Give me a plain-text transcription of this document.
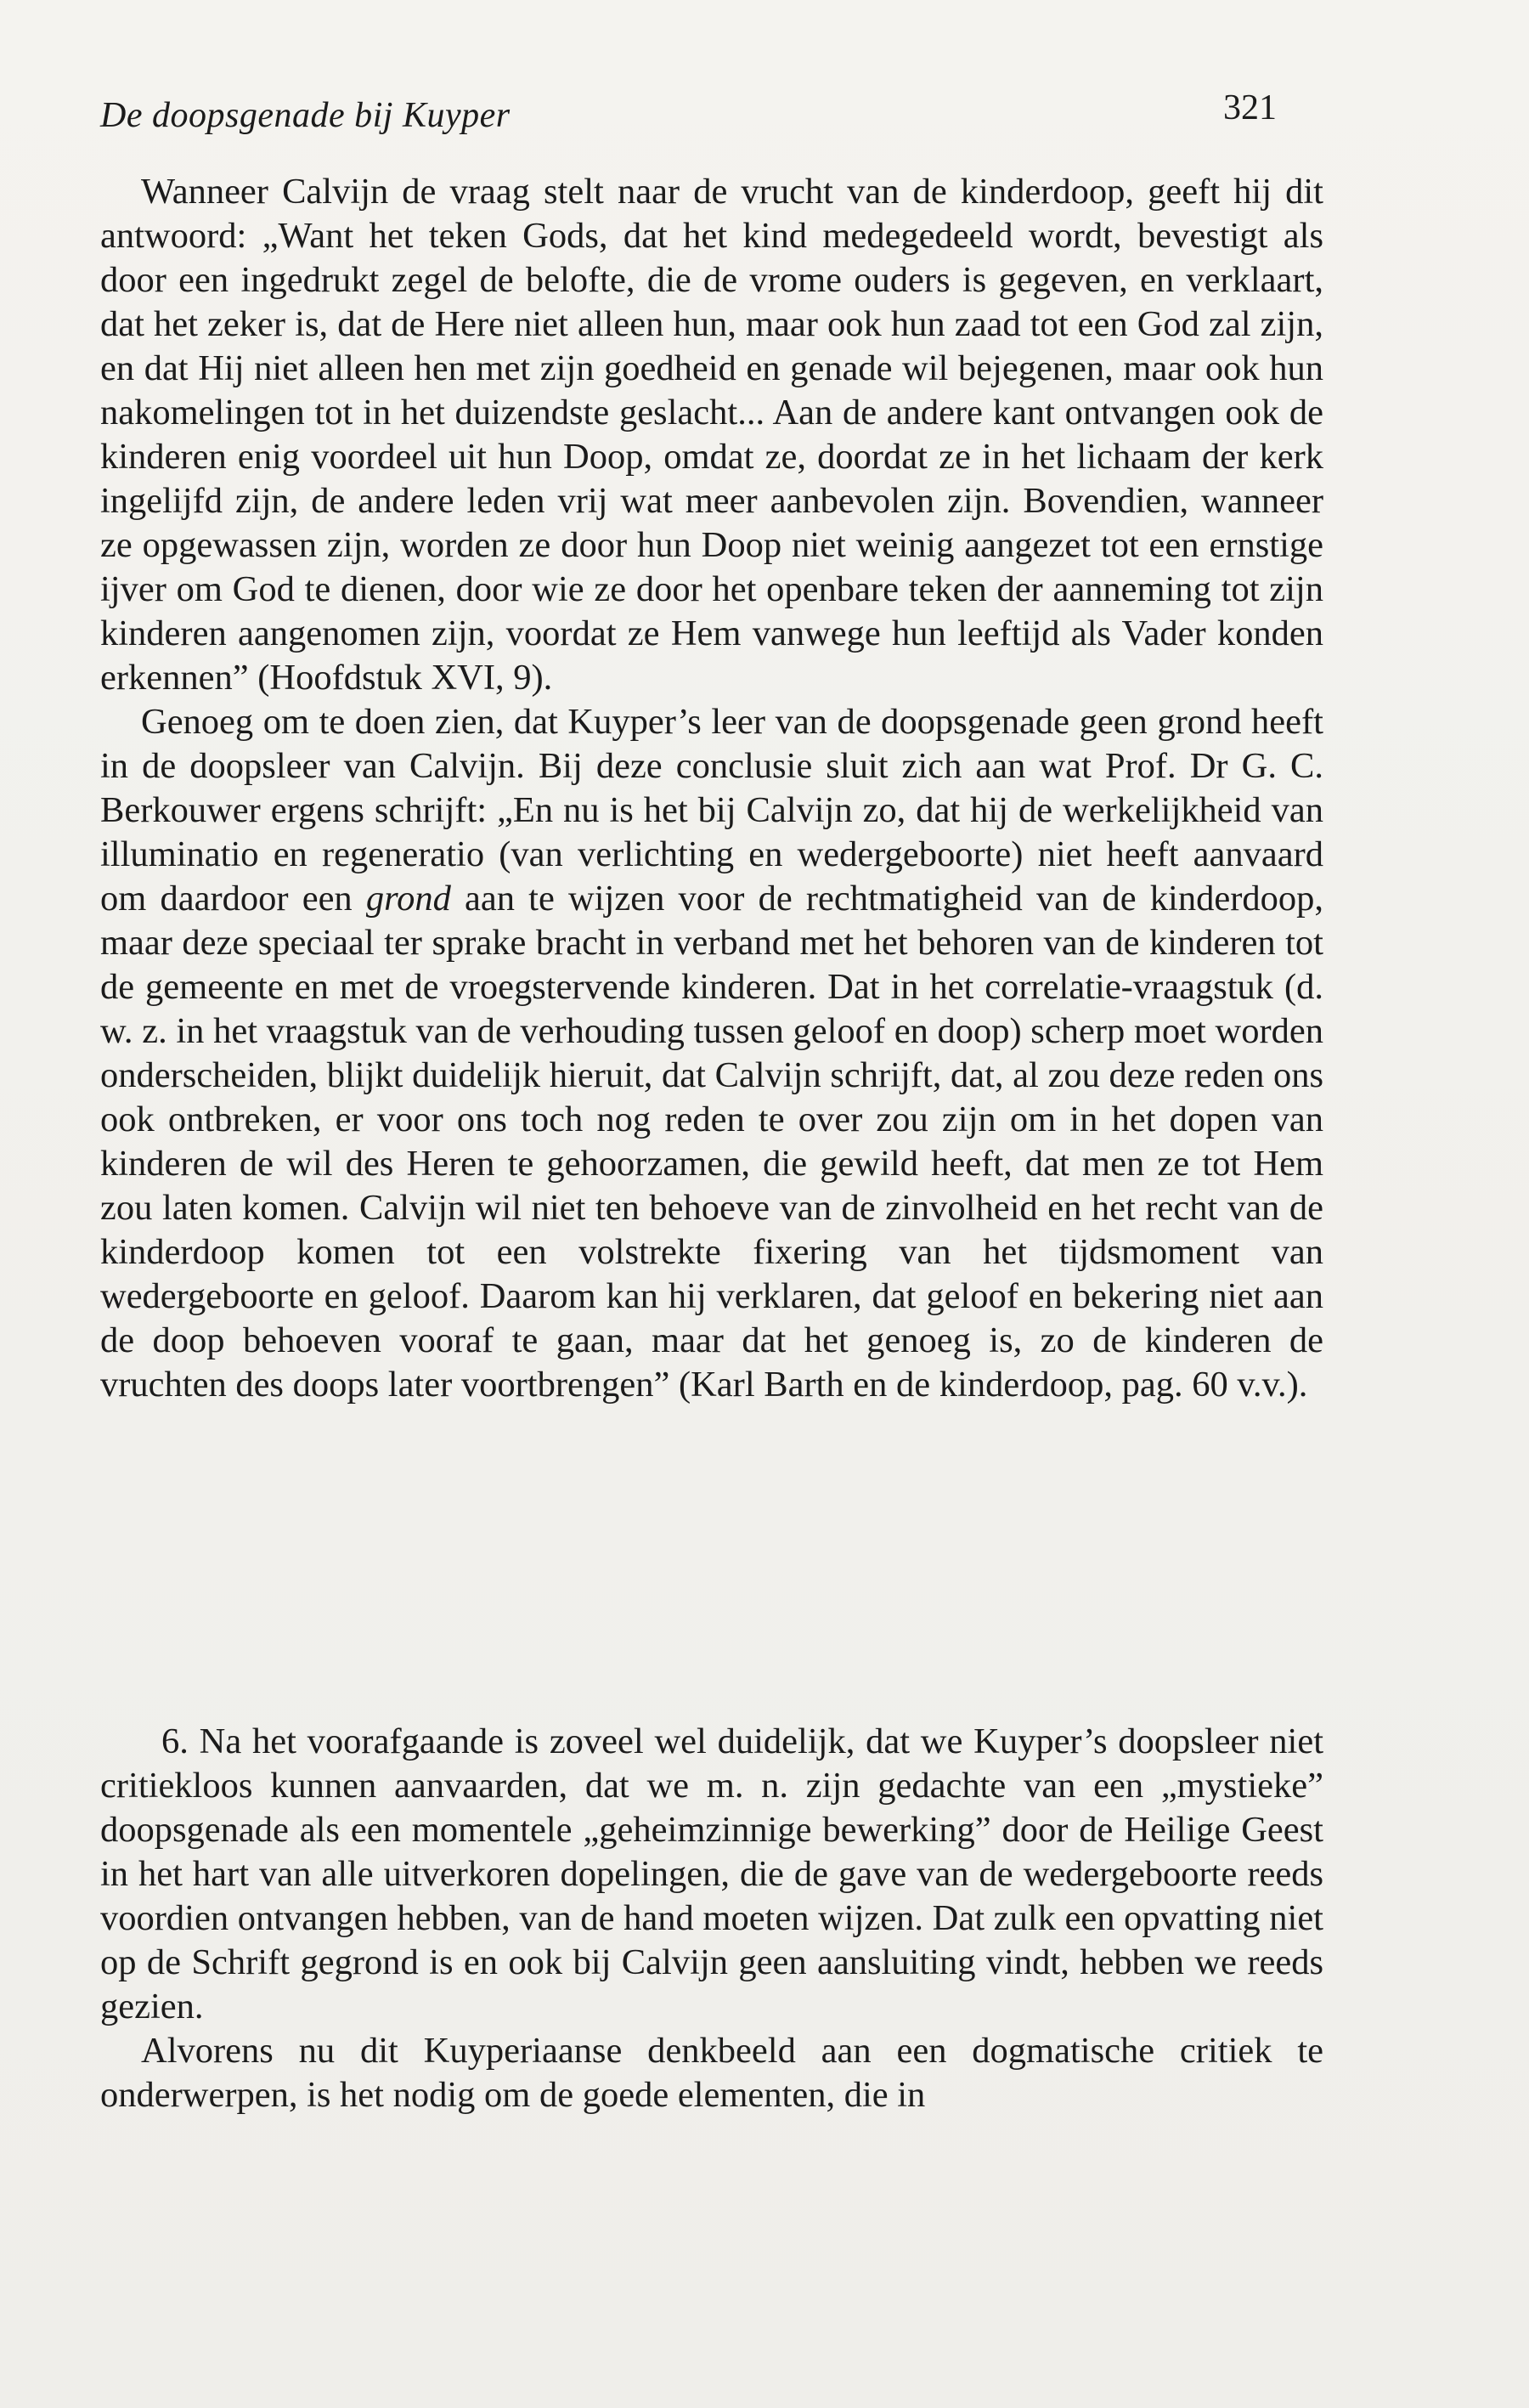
De doopsgenade bij Kuyper	321

Wanneer Calvijn de vraag stelt naar de vrucht van de kinderdoop, geeft hij dit antwoord: „Want het teken Gods, dat het kind medegedeeld wordt, bevestigt als door een ingedrukt zegel de belofte, die de vrome ouders is gegeven, en verklaart, dat het zeker is, dat de Here niet alleen hun, maar ook hun zaad tot een God zal zijn, en dat Hij niet alleen hen met zijn goedheid en genade wil bejegenen, maar ook hun nakomelingen tot in het duizendste geslacht... Aan de andere kant ontvangen ook de kinderen enig voordeel uit hun Doop, omdat ze, doordat ze in het lichaam der kerk ingelijfd zijn, de andere leden vrij wat meer aanbevolen zijn. Bovendien, wanneer ze opgewassen zijn, worden ze door hun Doop niet weinig aangezet tot een ernstige ijver om God te dienen, door wie ze door het openbare teken der aanneming tot zijn kinderen aangenomen zijn, voordat ze Hem vanwege hun leeftijd als Vader konden erkennen” (Hoofdstuk XVI, 9).

Genoeg om te doen zien, dat Kuyper’s leer van de doopsgenade geen grond heeft in de doopsleer van Calvijn. Bij deze conclusie sluit zich aan wat Prof. Dr G. C. Berkouwer ergens schrijft: „En nu is het bij Calvijn zo, dat hij de werkelijkheid van illuminatio en regeneratio (van verlichting en wedergeboorte) niet heeft aanvaard om daardoor een grond aan te wijzen voor de rechtmatigheid van de kinderdoop, maar deze speciaal ter sprake bracht in verband met het behoren van de kinderen tot de gemeente en met de vroegstervende kinderen. Dat in het correlatie-vraagstuk (d. w. z. in het vraagstuk van de verhouding tussen geloof en doop) scherp moet worden onderscheiden, blijkt duidelijk hieruit, dat Calvijn schrijft, dat, al zou deze reden ons ook ontbreken, er voor ons toch nog reden te over zou zijn om in het dopen van kinderen de wil des Heren te gehoorzamen, die gewild heeft, dat men ze tot Hem zou laten komen. Calvijn wil niet ten behoeve van de zinvolheid en het recht van de kinderdoop komen tot een volstrekte fixering van het tijdsmoment van wedergeboorte en geloof. Daarom kan hij verklaren, dat geloof en bekering niet aan de doop behoeven vooraf te gaan, maar dat het genoeg is, zo de kinderen de vruchten des doops later voortbrengen” (Karl Barth en de kinderdoop, pag. 60 v.v.).

6. Na het voorafgaande is zoveel wel duidelijk, dat we Kuyper’s doopsleer niet critiekloos kunnen aanvaarden, dat we m. n. zijn gedachte van een „mystieke” doopsgenade als een momentele „geheimzinnige bewerking” door de Heilige Geest in het hart van alle uitverkoren dopelingen, die de gave van de wedergeboorte reeds voordien ontvangen hebben, van de hand moeten wijzen. Dat zulk een opvatting niet op de Schrift gegrond is en ook bij Calvijn geen aansluiting vindt, hebben we reeds gezien.

Alvorens nu dit Kuyperiaanse denkbeeld aan een dogmatische critiek te onderwerpen, is het nodig om de goede elementen, die in
